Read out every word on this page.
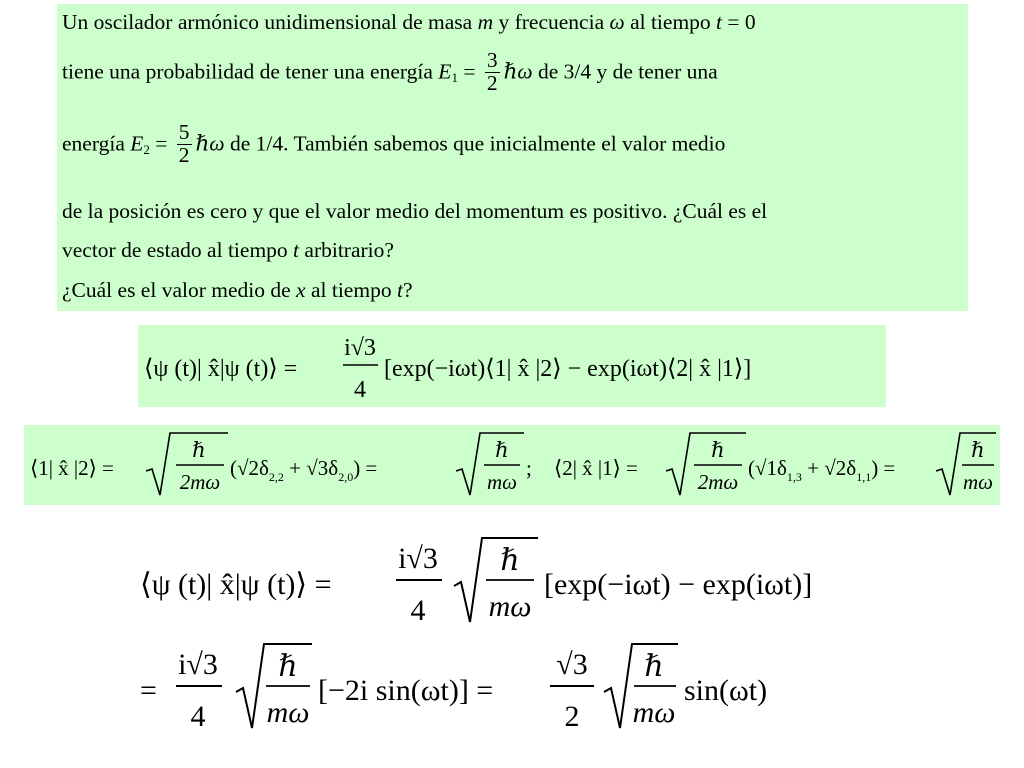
Un oscilador armónico unidimensional de masa m y frecuencia ω al tiempo t = 0
tiene una probabilidad de tener una energía $E_1 = \frac{3}{2}$ ℏω de 3/4 y de tener una
energía $E_2 = \frac{5}{2}$ ℏω de 1/4. También sabemos que inicialmente el valor medio
de la posición es cero y que el valor medio del momentum es positivo. ¿Cuál es el
vector de estado al tiempo t arbitrario?
¿Cuál es el valor medio de x al tiempo t?
⟨ψ (t)| x̂|ψ (t)⟩ =
i√3
4
[exp(−iωt)⟨1| x̂ |2⟩ − exp(iωt)⟨2| x̂ |1⟩]
⟨1| x̂ |2⟩ =
ℏ
2mω
$(√2\delta_{2,2} + √3\delta_{2,0})$ =
ℏ
mω
; ⟨2| x̂ |1⟩ =
ℏ
2mω
$(√1\delta_{1,3} + √2\delta_{1,1})$ =
ℏ
mω
⟨ψ (t)| x̂|ψ (t)⟩ =
i√3
4
ℏ
mω
[exp(−iωt) − exp(iωt)]
=
i√3
4
ℏ
mω
[−2i sin(ωt)] =
√3
2
ℏ
mω
sin(ωt)
